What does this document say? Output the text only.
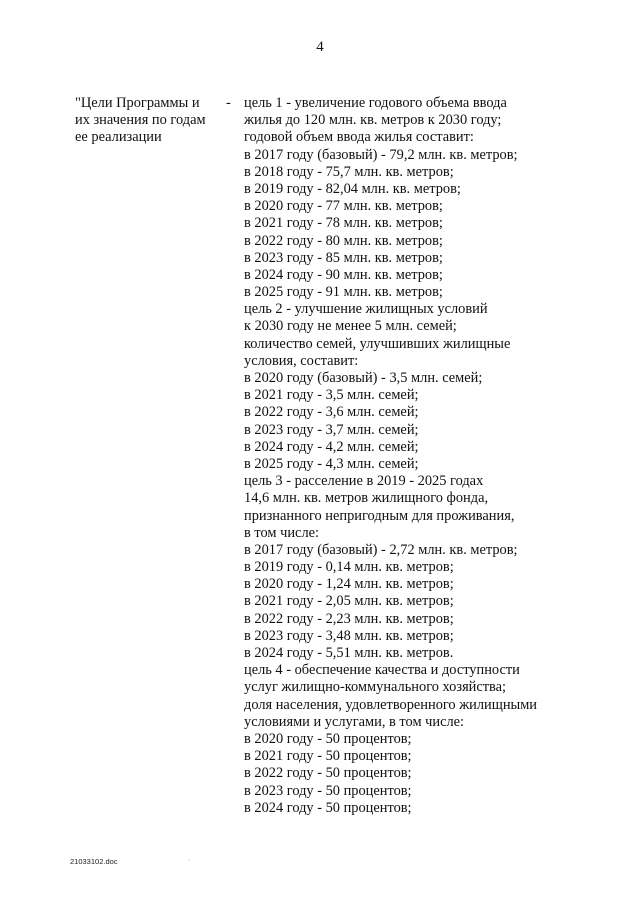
4
"Цели Программы и
их значения по годам
ее реализации
- цель 1 - увеличение годового объема ввода
жилья до 120 млн. кв. метров к 2030 году;
годовой объем ввода жилья составит:
в 2017 году (базовый) - 79,2 млн. кв. метров;
в 2018 году - 75,7 млн. кв. метров;
в 2019 году - 82,04 млн. кв. метров;
в 2020 году - 77 млн. кв. метров;
в 2021 году - 78 млн. кв. метров;
в 2022 году - 80 млн. кв. метров;
в 2023 году - 85 млн. кв. метров;
в 2024 году - 90 млн. кв. метров;
в 2025 году - 91 млн. кв. метров;
цель 2 - улучшение жилищных условий
к 2030 году не менее 5 млн. семей;
количество семей, улучшивших жилищные
условия, составит:
в 2020 году (базовый) - 3,5 млн. семей;
в 2021 году - 3,5 млн. семей;
в 2022 году - 3,6 млн. семей;
в 2023 году - 3,7 млн. семей;
в 2024 году - 4,2 млн. семей;
в 2025 году - 4,3 млн. семей;
цель 3 - расселение в 2019 - 2025 годах
14,6 млн. кв. метров жилищного фонда,
признанного непригодным для проживания,
в том числе:
в 2017 году (базовый) - 2,72 млн. кв. метров;
в 2019 году - 0,14 млн. кв. метров;
в 2020 году - 1,24 млн. кв. метров;
в 2021 году - 2,05 млн. кв. метров;
в 2022 году - 2,23 млн. кв. метров;
в 2023 году - 3,48 млн. кв. метров;
в 2024 году - 5,51 млн. кв. метров.
цель 4 - обеспечение качества и доступности
услуг жилищно-коммунального хозяйства;
доля населения, удовлетворенного жилищными
условиями и услугами, в том числе:
в 2020 году - 50 процентов;
в 2021 году - 50 процентов;
в 2022 году - 50 процентов;
в 2023 году - 50 процентов;
в 2024 году - 50 процентов;
21033102.doc	·
